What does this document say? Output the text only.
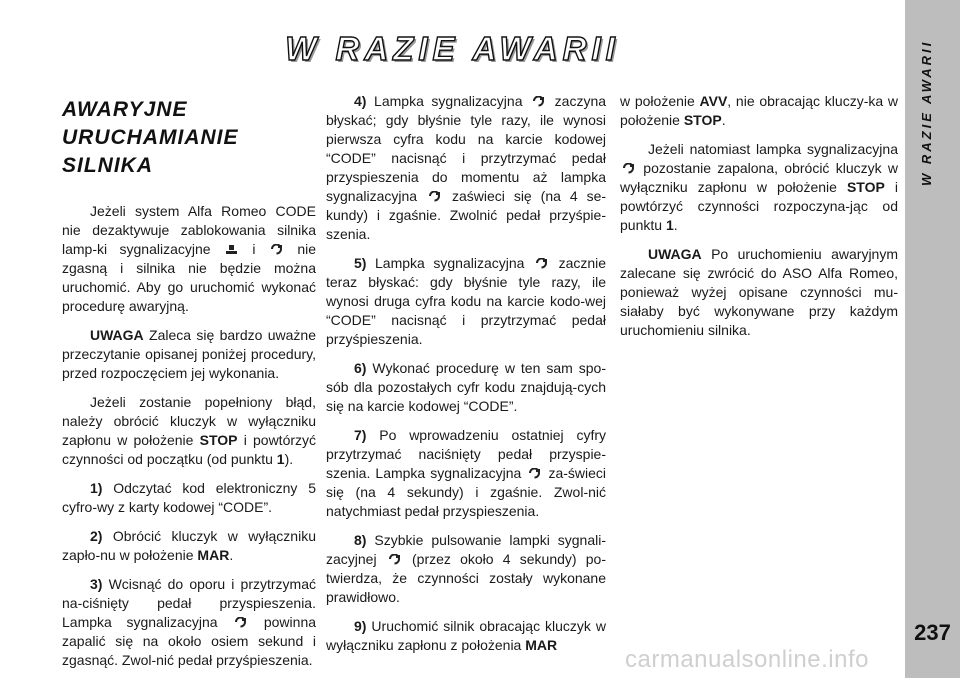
W RAZIE AWARII
AWARYJNE URUCHAMIANIE SILNIKA

Jeżeli system Alfa Romeo CODE nie dezaktywuje zablokowania silnika lamp-ki sygnalizacyjne	i	nie zgasną i silnika nie będzie można uruchomić. Aby go uruchomić wykonać procedurę awaryjną.

UWAGA Zaleca się bardzo uważne przeczytanie opisanej poniżej procedury, przed rozpoczęciem jej wykonania.

Jeżeli zostanie popełniony błąd, należy obrócić kluczyk w wyłączniku zapłonu w położenie STOP i powtórzyć czynności od początku (od punktu 1).

1) Odczytać kod elektroniczny 5 cyfro-wy z karty kodowej “CODE”.

2) Obrócić kluczyk w wyłączniku zapło-nu w położenie MAR.

3) Wcisnąć do oporu i przytrzymać na-ciśnięty pedał przyspieszenia. Lampka sygnalizacyjna	powinna zapalić się na około osiem sekund i zgasnąć. Zwol-nić pedał przyśpieszenia.

4) Lampka sygnalizacyjna zaczyna błyskać; gdy błyśnie tyle razy, ile wynosi pierwsza cyfra kodu na karcie kodowej “CODE” nacisnąć i przytrzymać pedał przyspieszenia do momentu aż lampka sygnalizacyjna zaświeci się (na 4 se-kundy) i zgaśnie. Zwolnić pedał przyśpie-szenia.

5) Lampka sygnalizacyjna zacznie teraz błyskać: gdy błyśnie tyle razy, ile wynosi druga cyfra kodu na karcie kodo-wej “CODE” nacisnąć i przytrzymać pedał przyśpieszenia.

6) Wykonać procedurę w ten sam spo-sób dla pozostałych cyfr kodu znajdują-cych się na karcie kodowej “CODE”.

7) Po wprowadzeniu ostatniej cyfry przytrzymać naciśnięty pedał przyspie-szenia. Lampka sygnalizacyjna za-świeci się (na 4 sekundy) i zgaśnie. Zwol-nić natychmiast pedał przyspieszenia.

8) Szybkie pulsowanie lampki sygnali-zacyjnej	(przez około 4 sekundy) po-twierdza, że czynności zostały wykonane prawidłowo.

9) Uruchomić silnik obracając kluczyk w wyłączniku zapłonu z położenia MAR

w położenie AVV, nie obracając kluczy-ka w położenie STOP.

Jeżeli natomiast lampka sygnalizacyjna  pozostanie zapalona, obrócić kluczyk w wyłączniku zapłonu w położenie STOP i powtórzyć czynności rozpoczyna-jąc od punktu 1.

UWAGA Po uruchomieniu awaryjnym zalecane się zwrócić do ASO Alfa Romeo, ponieważ wyżej opisane czynności mu-siałaby być wykonywane przy każdym uruchomieniu silnika.

W RAZIE AWARII
237
carmanualsonline.info
